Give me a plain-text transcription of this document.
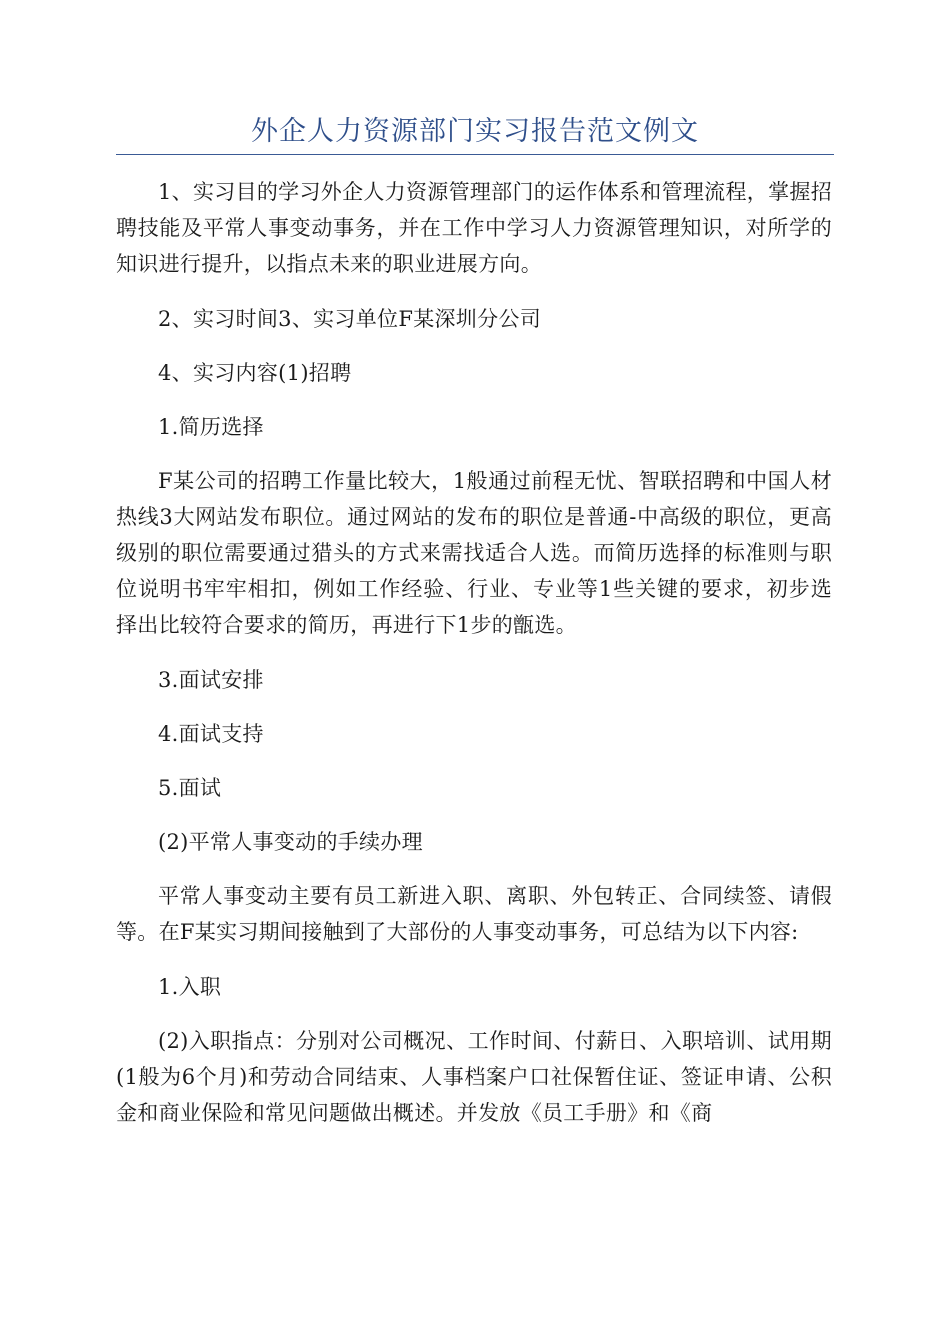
外企人力资源部门实习报告范文例文

1、实习目的学习外企人力资源管理部门的运作体系和管理流程，掌握招聘技能及平常人事变动事务，并在工作中学习人力资源管理知识，对所学的知识进行提升，以指点未来的职业进展方向。

2、实习时间3、实习单位F某深圳分公司

4、实习内容(1)招聘

1.简历选择

F某公司的招聘工作量比较大，1般通过前程无忧、智联招聘和中国人材热线3大网站发布职位。通过网站的发布的职位是普通-中高级的职位，更高级别的职位需要通过猎头的方式来需找适合人选。而简历选择的标准则与职位说明书牢牢相扣，例如工作经验、行业、专业等1些关键的要求，初步选择出比较符合要求的简历，再进行下1步的甑选。

3.面试安排

4.面试支持

5.面试

(2)平常人事变动的手续办理

平常人事变动主要有员工新进入职、离职、外包转正、合同续签、请假等。在F某实习期间接触到了大部份的人事变动事务，可总结为以下内容:

1.入职

(2)入职指点：分别对公司概况、工作时间、付薪日、入职培训、试用期(1般为6个月)和劳动合同结束、人事档案户口社保暂住证、签证申请、公积金和商业保险和常见问题做出概述。并发放《员工手册》和《商
